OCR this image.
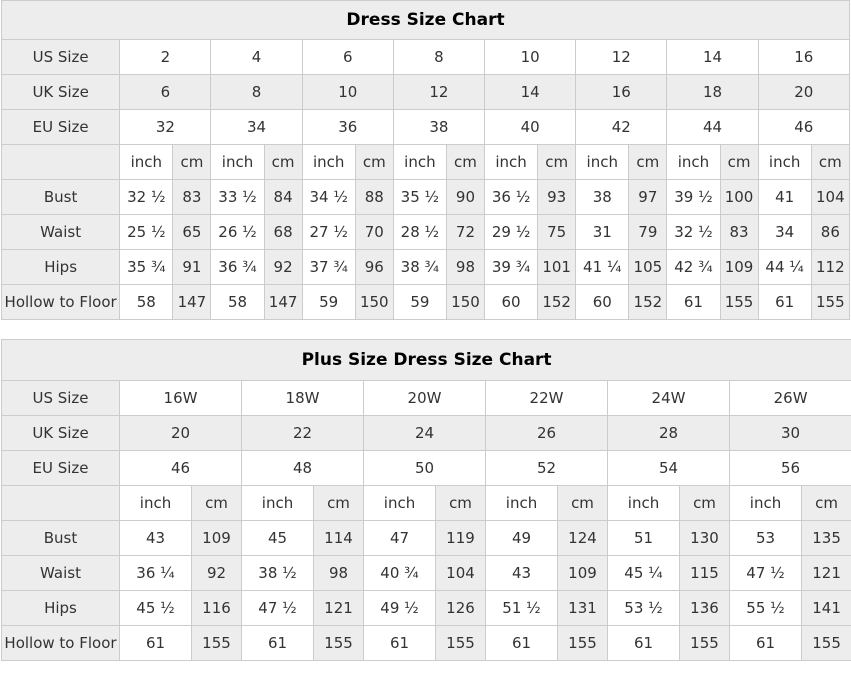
Dress Size Chart																
US Size	2		4		6		8		10		12		14		16	
UK Size	6		8		10		12		14		16		18		20	
EU Size	32		34		36		38		40		42		44		46	
	inch	cm	inch	cm	inch	cm	inch	cm	inch	cm	inch	cm	inch	cm	inch	cm
Bust	32 ½	83	33 ½	84	34 ½	88	35 ½	90	36 ½	93	38	97	39 ½	100	41	104
Waist	25 ½	65	26 ½	68	27 ½	70	28 ½	72	29 ½	75	31	79	32 ½	83	34	86
Hips	35 ¾	91	36 ¾	92	37 ¾	96	38 ¾	98	39 ¾	101	41 ¼	105	42 ¾	109	44 ¼	112
Hollow to Floor	58	147	58	147	59	150	59	150	60	152	60	152	61	155	61	155
Plus Size Dress Size Chart												
US Size	16W		18W		20W		22W		24W		26W	
UK Size	20		22		24		26		28		30	
EU Size	46		48		50		52		54		56	
	inch	cm	inch	cm	inch	cm	inch	cm	inch	cm	inch	cm
Bust	43	109	45	114	47	119	49	124	51	130	53	135
Waist	36 ¼	92	38 ½	98	40 ¾	104	43	109	45 ¼	115	47 ½	121
Hips	45 ½	116	47 ½	121	49 ½	126	51 ½	131	53 ½	136	55 ½	141
Hollow to Floor	61	155	61	155	61	155	61	155	61	155	61	155
